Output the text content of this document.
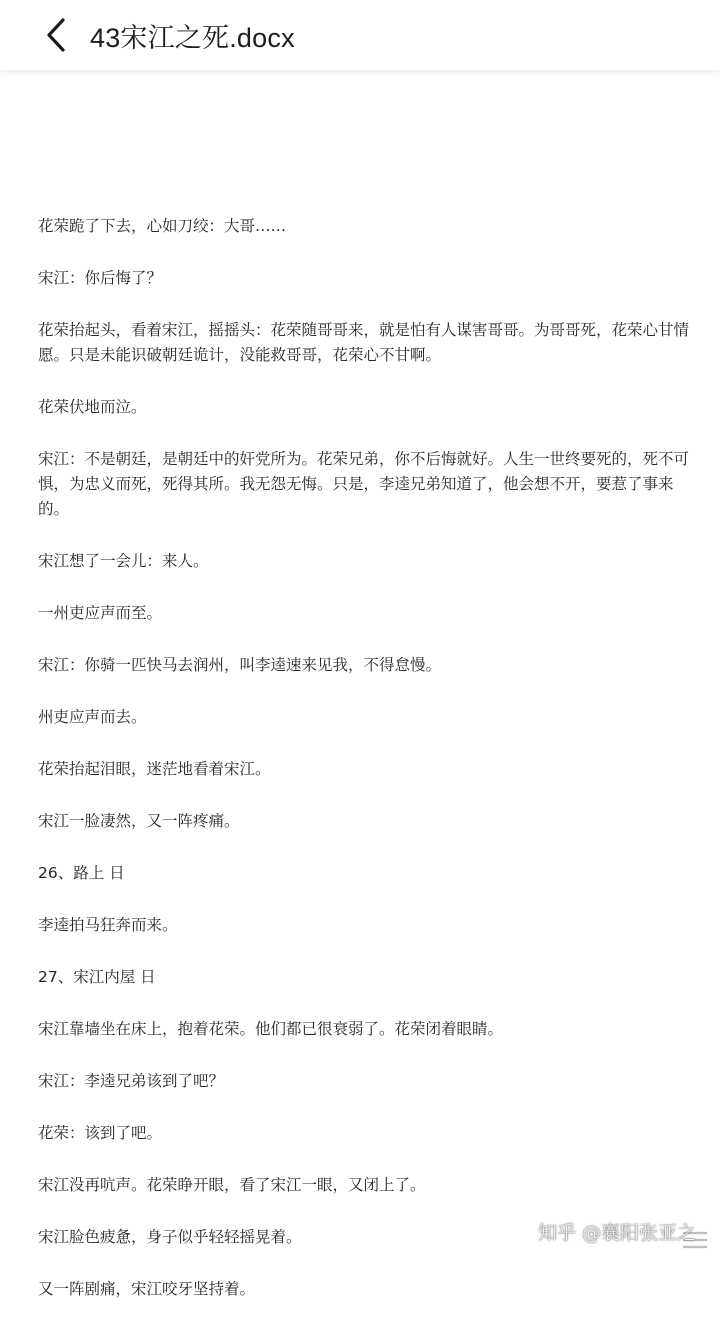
43宋江之死.docx

花荣跪了下去，心如刀绞：大哥……

宋江：你后悔了？

花荣抬起头，看着宋江，摇摇头：花荣随哥哥来，就是怕有人谋害哥哥。为哥哥死，花荣心甘情愿。只是未能识破朝廷诡计，没能救哥哥，花荣心不甘啊。

花荣伏地而泣。

宋江：不是朝廷，是朝廷中的奸党所为。花荣兄弟，你不后悔就好。人生一世终要死的，死不可惧，为忠义而死，死得其所。我无怨无悔。只是，李逵兄弟知道了，他会想不开，要惹了事来的。

宋江想了一会儿：来人。

一州吏应声而至。

宋江：你骑一匹快马去润州，叫李逵速来见我，不得怠慢。

州吏应声而去。

花荣抬起泪眼，迷茫地看着宋江。

宋江一脸凄然，又一阵疼痛。

26、路上 日

李逵拍马狂奔而来。

27、宋江内屋 日

宋江靠墙坐在床上，抱着花荣。他们都已很衰弱了。花荣闭着眼睛。

宋江：李逵兄弟该到了吧？

花荣：该到了吧。

宋江没再吭声。花荣睁开眼，看了宋江一眼，又闭上了。

宋江脸色疲惫，身子似乎轻轻摇晃着。

又一阵剧痛，宋江咬牙坚持着。

知乎 @襄阳张亚之
